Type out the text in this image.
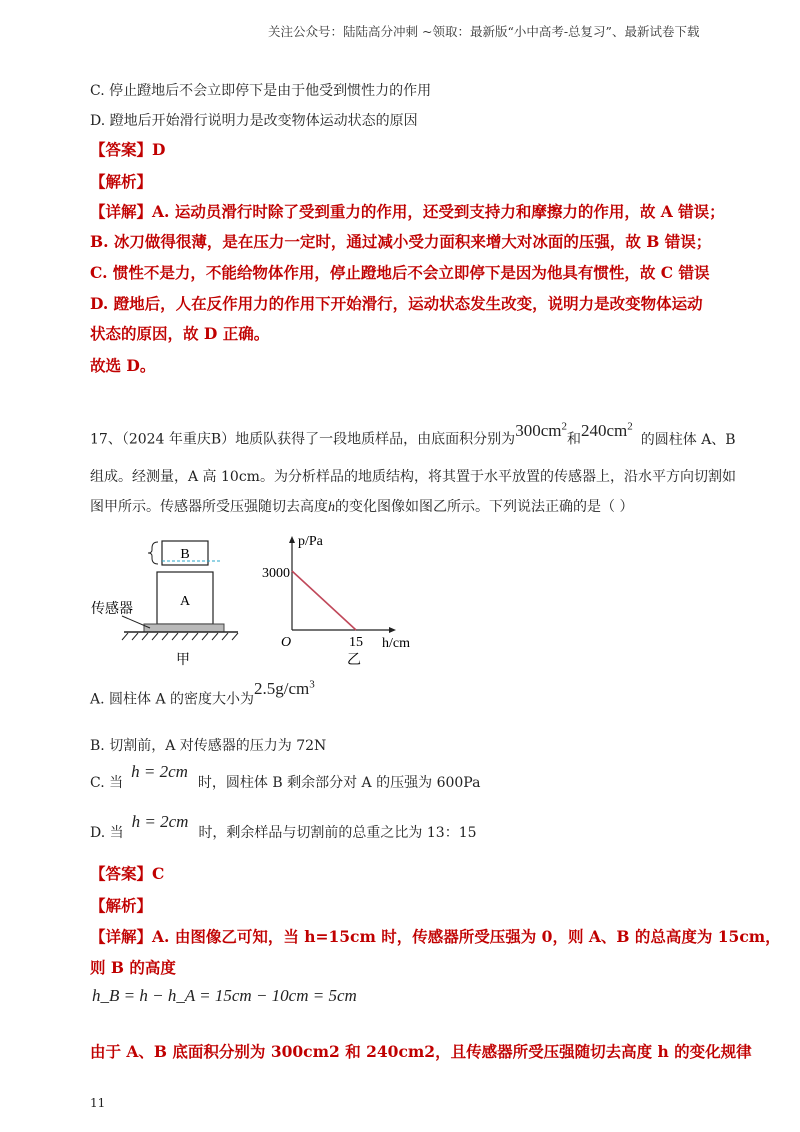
关注公众号：陆陆高分冲刺 ~领取：最新版“小中高考-总复习”、最新试卷下载
C. 停止蹬地后不会立即停下是由于他受到惯性力的作用
D. 蹬地后开始滑行说明力是改变物体运动状态的原因
【答案】D
【解析】
【详解】A. 运动员滑行时除了受到重力的作用，还受到支持力和摩擦力的作用，故 A 错误；
B. 冰刀做得很薄，是在压力一定时，通过减小受力面积来增大对冰面的压强，故 B 错误；
C. 惯性不是力，不能给物体作用，停止蹬地后不会立即停下是因为他具有惯性，故 C 错误
D. 蹬地后，人在反作用力的作用下开始滑行，运动状态发生改变，说明力是改变物体运动
状态的原因，故 D 正确。
故选 D。
17、（2024 年重庆B）地质队获得了一段地质样品，由底面积分别为$300cm^2$和$240cm^2$的圆柱体 A、B
组成。经测量，A 高 10cm。为分析样品的地质结构，将其置于水平放置的传感器上，沿水平方向切割如
图甲所示。传感器所受压强随切去高度h的变化图像如图乙所示。下列说法正确的是（ ）
B
A
传感器
甲
p/Pa
h/cm
O
3000
15
乙
A. 圆柱体 A 的密度大小为$2.5g/cm^3$
B. 切割前，A 对传感器的压力为 72N
C. 当h = 2cm时，圆柱体 B 剩余部分对 A 的压强为 600Pa
D. 当h = 2cm时，剩余样品与切割前的总重之比为 13：15
【答案】C
【解析】
【详解】A. 由图像乙可知，当 h=15cm 时，传感器所受压强为 0，则 A、B 的总高度为 15cm，
则 B 的高度
h_B = h − h_A = 15cm − 10cm = 5cm
由于 A、B 底面积分别为 300cm2 和 240cm2，且传感器所受压强随切去高度 h 的变化规律
11
